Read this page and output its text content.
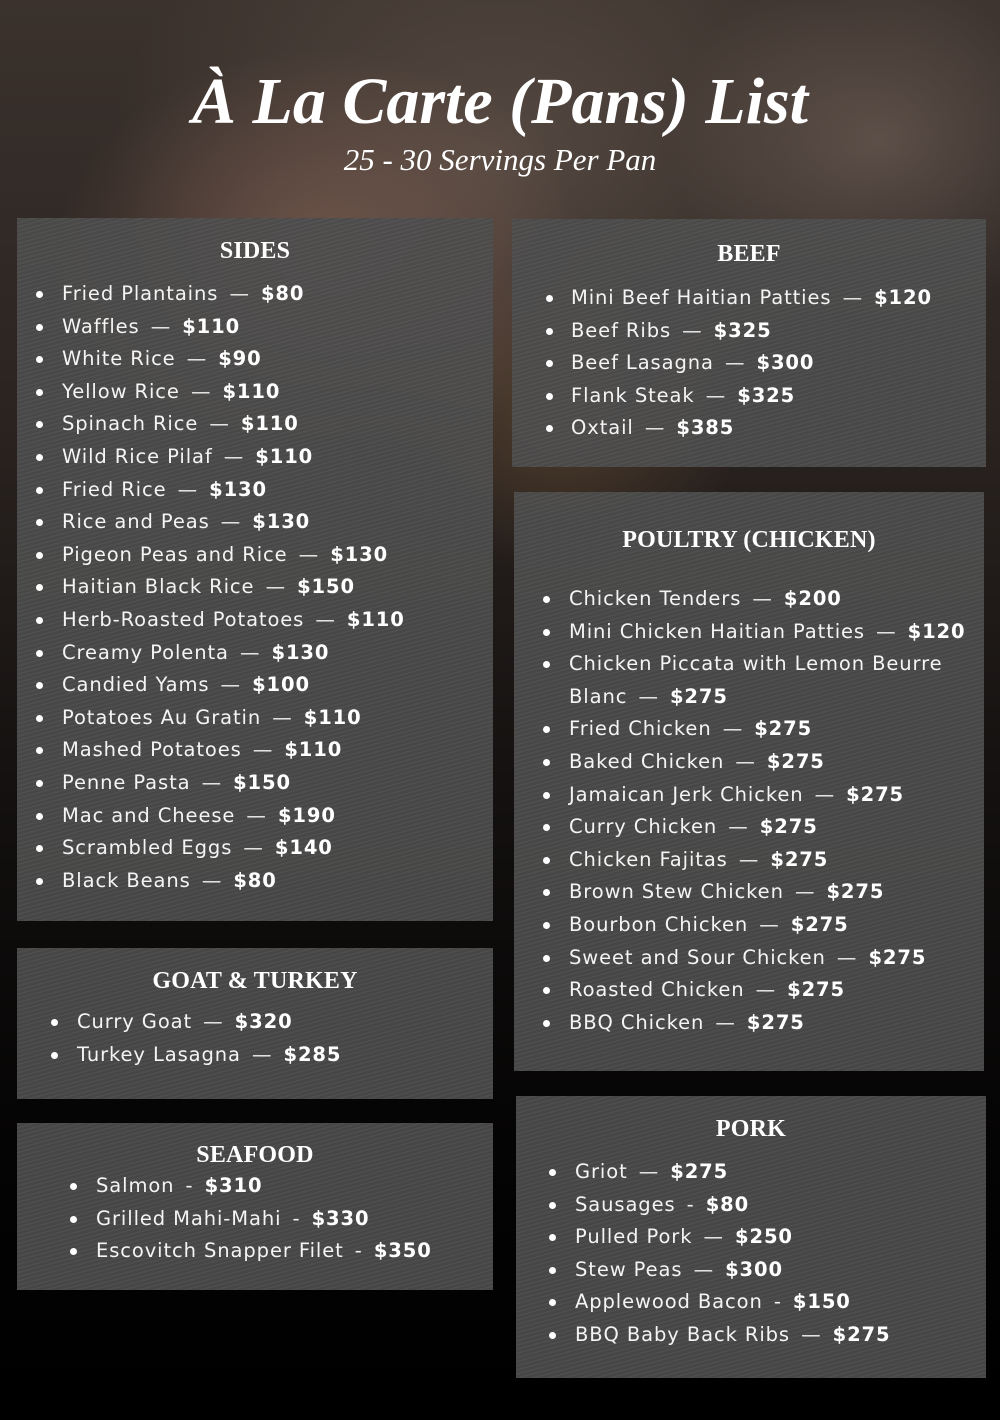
À La Carte (Pans) List
25 - 30 Servings Per Pan
SIDES
Fried Plantains — $80
Waffles — $110
White Rice — $90
Yellow Rice — $110
Spinach Rice — $110
Wild Rice Pilaf — $110
Fried Rice — $130
Rice and Peas — $130
Pigeon Peas and Rice — $130
Haitian Black Rice — $150
Herb-Roasted Potatoes — $110
Creamy Polenta — $130
Candied Yams — $100
Potatoes Au Gratin — $110
Mashed Potatoes — $110
Penne Pasta — $150
Mac and Cheese — $190
Scrambled Eggs — $140
Black Beans — $80
GOAT & TURKEY
Curry Goat — $320
Turkey Lasagna — $285
SEAFOOD
Salmon - $310
Grilled Mahi-Mahi - $330
Escovitch Snapper Filet - $350
BEEF
Mini Beef Haitian Patties — $120
Beef Ribs — $325
Beef Lasagna — $300
Flank Steak — $325
Oxtail — $385
POULTRY (CHICKEN)
Chicken Tenders — $200
Mini Chicken Haitian Patties — $120
Chicken Piccata with Lemon Beurre Blanc — $275
Fried Chicken — $275
Baked Chicken — $275
Jamaican Jerk Chicken — $275
Curry Chicken — $275
Chicken Fajitas — $275
Brown Stew Chicken — $275
Bourbon Chicken — $275
Sweet and Sour Chicken — $275
Roasted Chicken — $275
BBQ Chicken — $275
PORK
Griot — $275
Sausages - $80
Pulled Pork — $250
Stew Peas — $300
Applewood Bacon - $150
BBQ Baby Back Ribs — $275
